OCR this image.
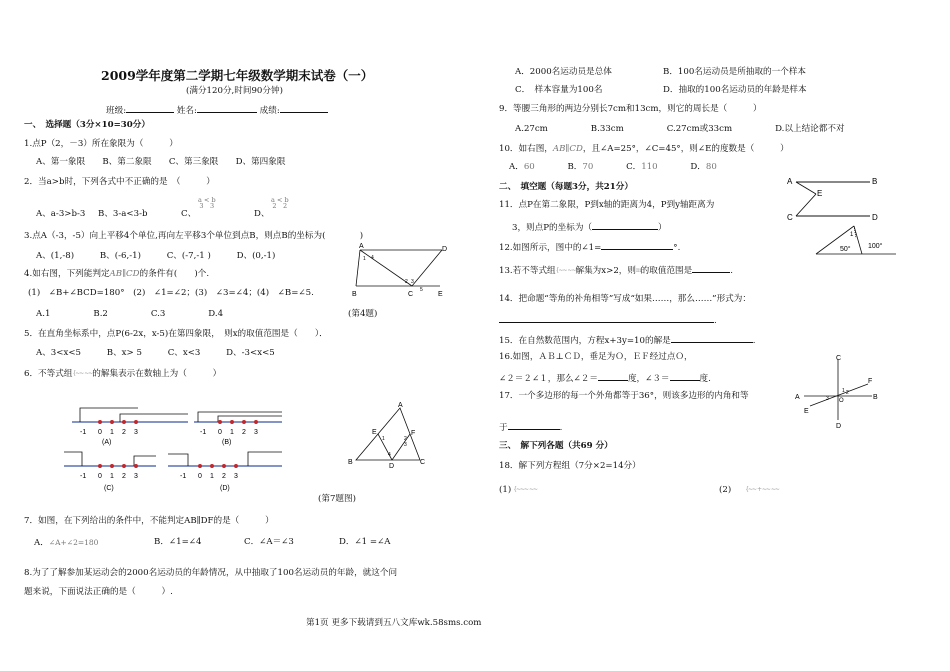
2009学年度第二学期七年级数学期末试卷（一）
(满分120分,时间90分钟)
班级:	姓名:	成绩:
一、　选择题（3分×10=30分）
1.点P（2，－3）所在象限为（　　　）
A、第一象限　　B、第二象限　　C、第三象限　　D、第四象限
2．当a>b时，下列各式中不正确的是　（　　　）
A、a-3>b-3 B、3-a<3-b	C、
a < b
3　3
D、
a < b
2　2
3.点A（-3，-5）向上平移4个单位,再向左平移3个单位到点B，则点B的坐标为(　　　　)
A、(1,-8)　　　B、(-6,-1)　　　C、(-7,-1 )　　　D、(0,-1)
4.如右图，下列能判定AB∥CD的条件有(　　)个.
(1)　∠B+∠BCD=180°　(2)　∠1=∠2；(3)　∠3=∠4；(4)　∠B=∠5.
A.1　　　　　B.2　　　　　C.3　　　　　D.4	(第4题)
A	D
B	C	E
1
2 3
4
5
5．在直角坐标系中，点P(6-2x，x-5)在第四象限，　则x的取值范围是（　　）．
A、3<x<5　　　B、x> 5　　　C、x<3　　　D、-3<x<5
6．不等式组{~~ ~~的解集表示在数轴上为（　　　）
-1 0 1 2 3
(A)
-1 0 1 2 3
(B)
-1 0 1 2 3
(C)
-1 0 1 2 3
(D)
A
B	C
D
E	F
1	2
3
4
(第7题图)
7．如图，在下列给出的条件中，不能判定AB∥DF的是（　　　）
A．∠A+∠2=180	B．∠1=∠4	C．∠A＝∠3	D．∠1 =∠A
8.为了了解参加某运动会的2000名运动员的年龄情况，从中抽取了100名运动员的年龄，就这个问
题来说，下面说法正确的是（　　　）.
第1页 更多下载请到五八文库wk.58sms.com
A．2000名运动员是总体	B．100名运动员是所抽取的一个样本
C．　样本容量为100名	D．抽取的100名运动员的年龄是样本
9．等腰三角形的两边分别长7cm和13cm，则它的周长是（　　　）
A.27cm　　　　　B.33cm　　　　　C.27cm或33cm　　　　　D.以上结论都不对
10．如右图，AB∥CD，且∠A=25°，∠C=45°，则∠E的度数是（　　　）
A．60	B．70	C．110	D．80
A	B
C	D
E
二、　填空题（每题3分，共21分）
11．点P在第二象限，P到x轴的距离为4，P到y轴距离为
3，则点P的坐标为（	）
12.如图所示，图中的∠1=	°.
1
50° 100°
13.若不等式组{~~ ~~解集为x>2，则m的取值范围是	.
14．把命题“等角的补角相等”写成“如果……，那么……”形式为：
.
15．在自然数范围内，方程x+3y=10的解是	.
16.如图，ＡＢ⊥ＣＤ，垂足为Ｏ，ＥＦ经过点Ｏ，
∠２＝２∠１，那么∠２＝	度，∠３＝	度.
C
D
A	B
E
F
O
1 2
3
17．一个多边形的每一个外角都等于36°，则该多边形的内角和等
于	.
三、　解下列各题（共69 分）
18．解下列方程组（7分×2=14分）
(1) {~~~ ~~	(2) {~~ + ~~ ~~
